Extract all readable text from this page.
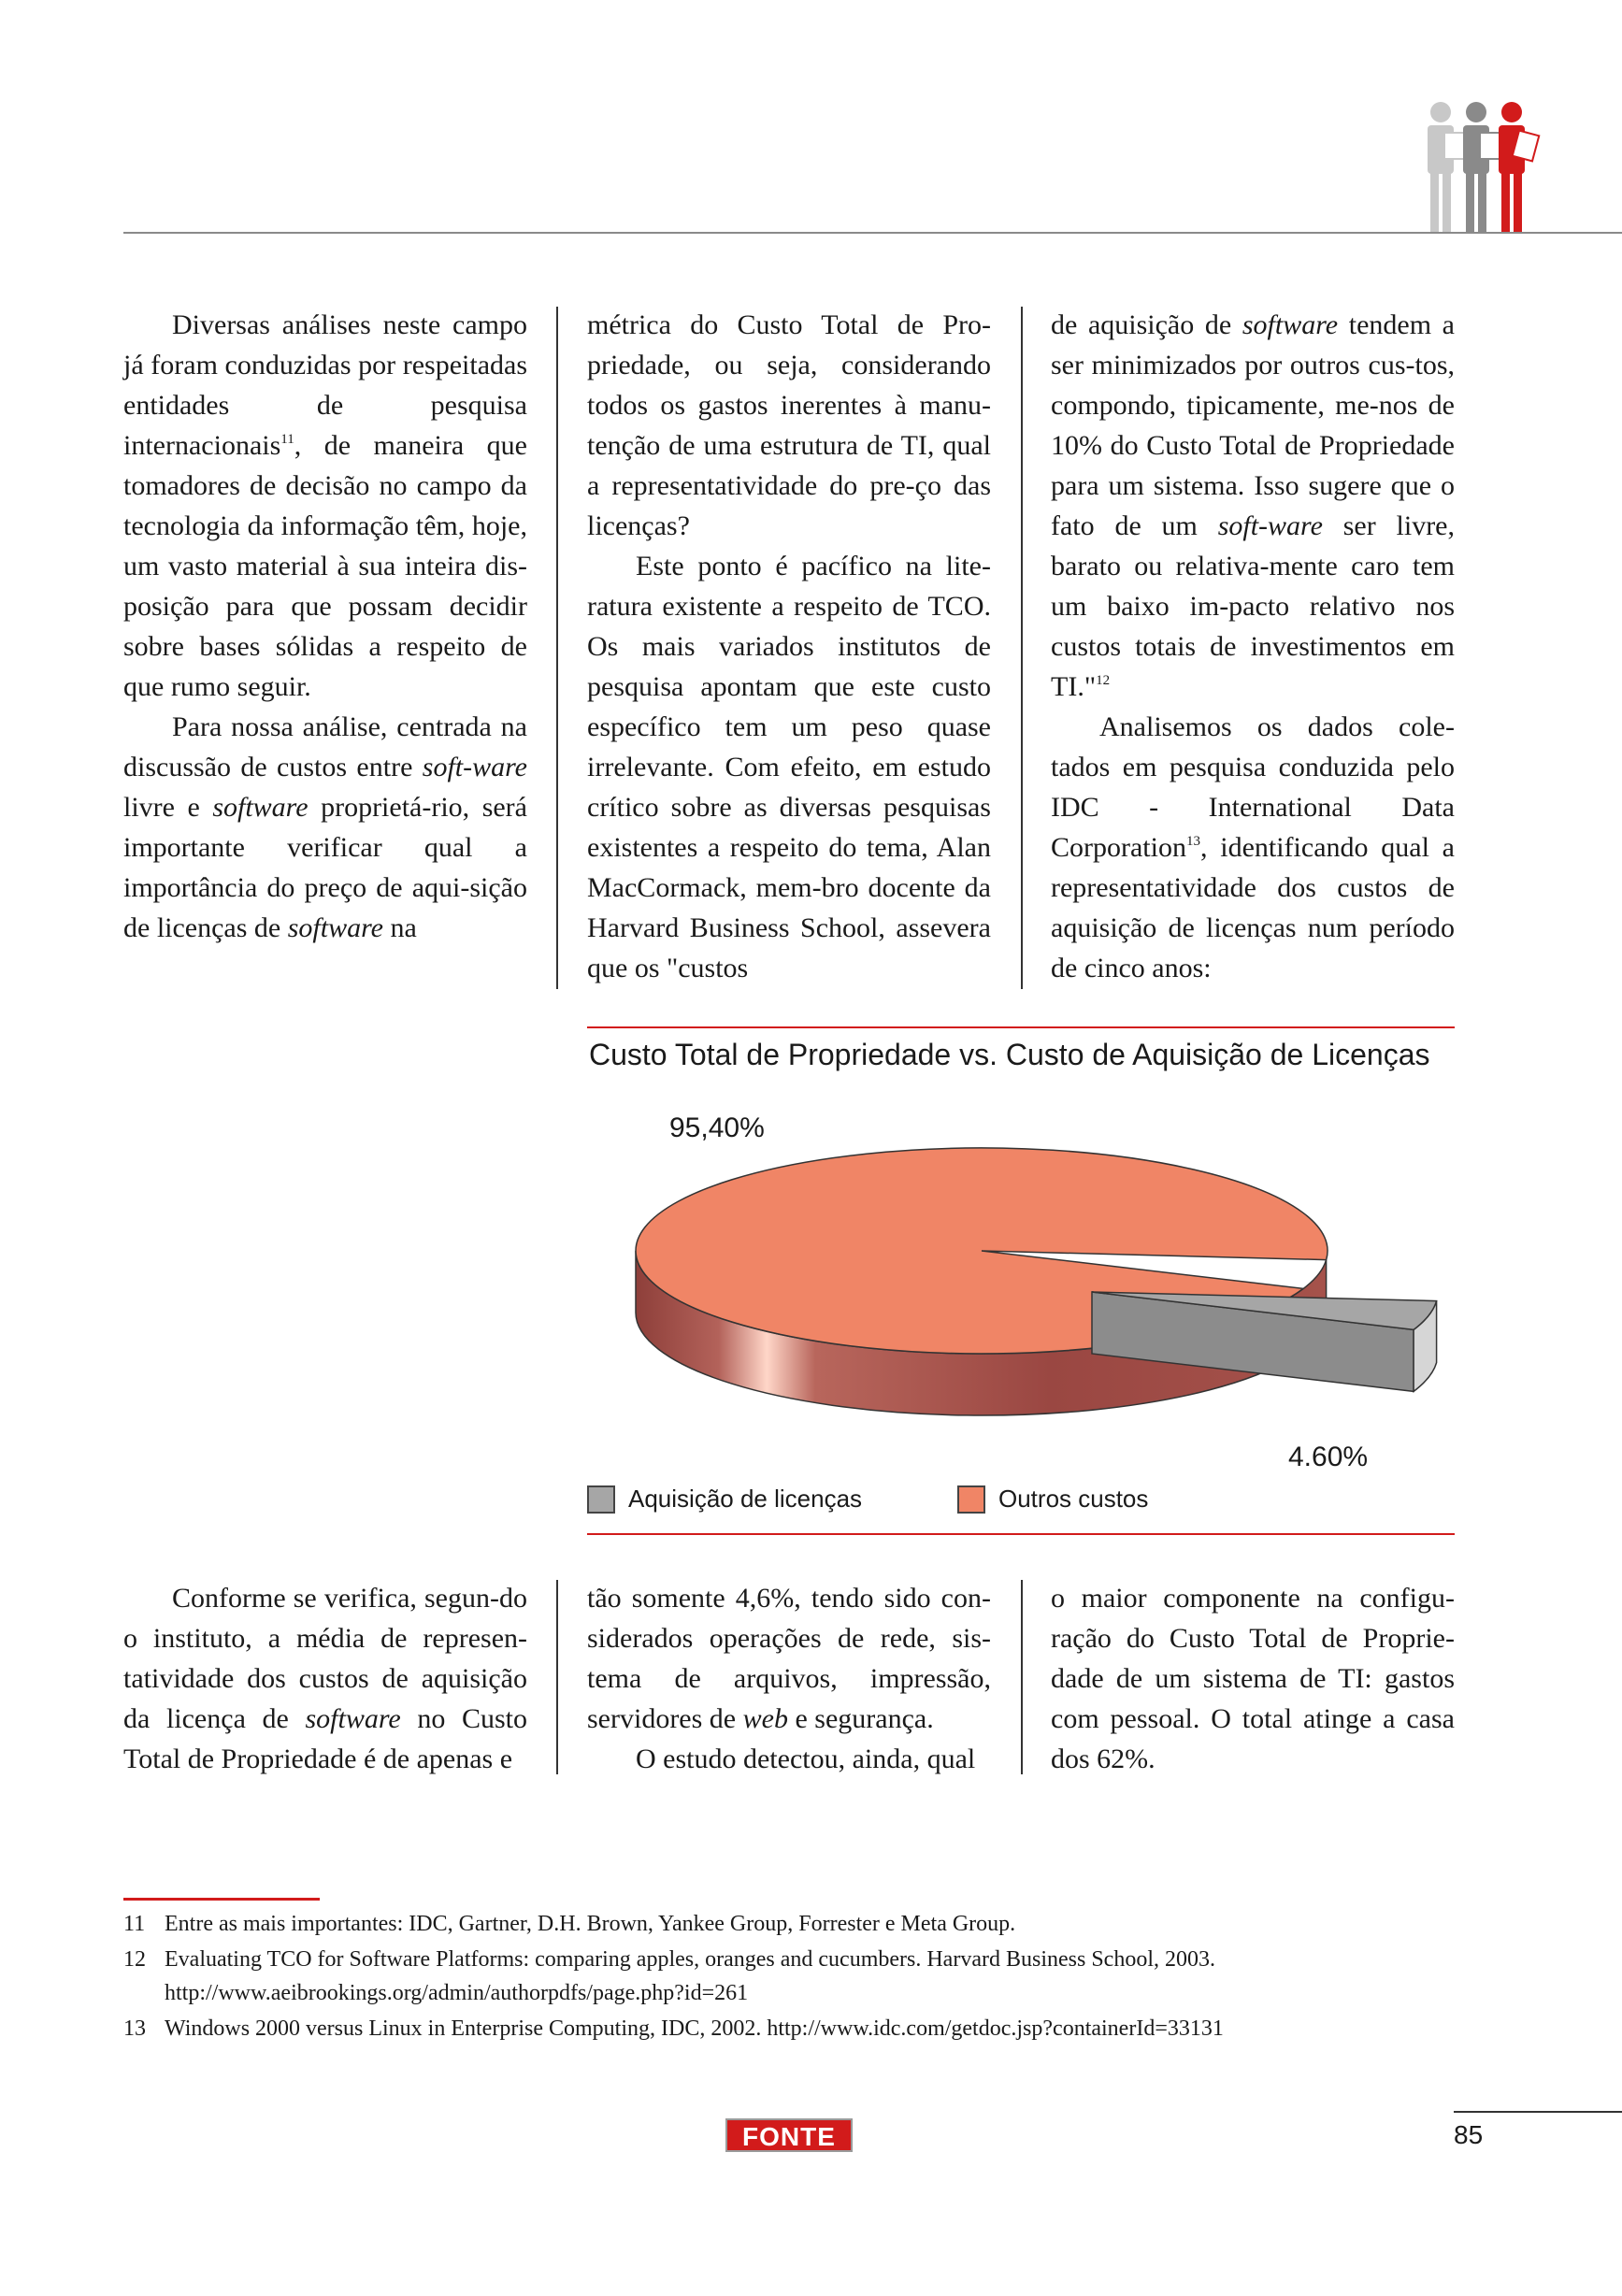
Diversas análises neste campo já foram conduzidas por respeitadas entidades de pesquisa internacionais$^{11}$, de maneira que tomadores de decisão no campo da tecnologia da informação têm, hoje, um vasto material à sua inteira dis-posição para que possam decidir sobre bases sólidas a respeito de que rumo seguir.

Para nossa análise, centrada na discussão de custos entre soft-ware livre e software proprietá-rio, será importante verificar qual a importância do preço de aqui-sição de licenças de software na

métrica do Custo Total de Pro-priedade, ou seja, considerando todos os gastos inerentes à manu-tenção de uma estrutura de TI, qual a representatividade do pre-ço das licenças?

Este ponto é pacífico na lite-ratura existente a respeito de TCO. Os mais variados institutos de pesquisa apontam que este custo específico tem um peso quase irrelevante. Com efeito, em estudo crítico sobre as diversas pesquisas existentes a respeito do tema, Alan MacCormack, mem-bro docente da Harvard Business School, assevera que os "custos

de aquisição de software tendem a ser minimizados por outros cus-tos, compondo, tipicamente, me-nos de 10% do Custo Total de Propriedade para um sistema. Isso sugere que o fato de um soft-ware ser livre, barato ou relativa-mente caro tem um baixo im-pacto relativo nos custos totais de investimentos em TI."$^{12}$

Analisemos os dados cole-tados em pesquisa conduzida pelo IDC - International Data Corporation$^{13}$, identificando qual a representatividade dos custos de aquisição de licenças num período de cinco anos:

Custo Total de Propriedade vs. Custo de Aquisição de Licenças
95,40%
4.60%
Aquisição de licenças	Outros custos

Conforme se verifica, segun-do o instituto, a média de represen-tatividade dos custos de aquisição da licença de software no Custo Total de Propriedade é de apenas e

tão somente 4,6%, tendo sido con-siderados operações de rede, sis-tema de arquivos, impressão, servidores de web e segurança.

O estudo detectou, ainda, qual

o maior componente na configu-ração do Custo Total de Proprie-dade de um sistema de TI: gastos com pessoal. O total atinge a casa dos 62%.

11 Entre as mais importantes: IDC, Gartner, D.H. Brown, Yankee Group, Forrester e Meta Group.
12 Evaluating TCO for Software Platforms: comparing apples, oranges and cucumbers. Harvard Business School, 2003. http://www.aeibrookings.org/admin/authorpdfs/page.php?id=261
13 Windows 2000 versus Linux in Enterprise Computing, IDC, 2002. http://www.idc.com/getdoc.jsp?containerId=33131
FONTE	85
